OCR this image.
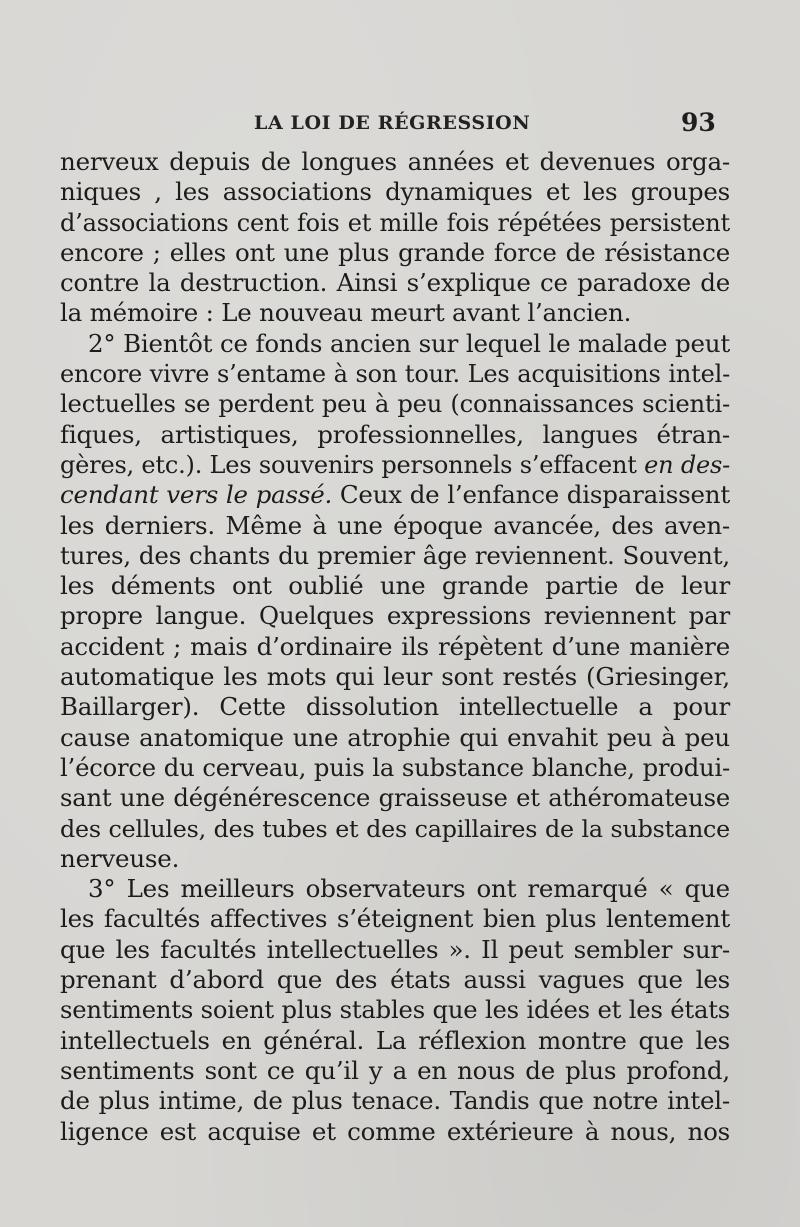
LA LOI DE RÉGRESSION	93
nerveux depuis de longues années et devenues orga-
niques , les associations dynamiques et les groupes
d’associations cent fois et mille fois répétées persistent
encore ; elles ont une plus grande force de résistance
contre la destruction. Ainsi s’explique ce paradoxe de
la mémoire : Le nouveau meurt avant l’ancien.
2° Bientôt ce fonds ancien sur lequel le malade peut
encore vivre s’entame à son tour. Les acquisitions intel-
lectuelles se perdent peu à peu (connaissances scienti-
fiques, artistiques, professionnelles, langues étran-
gères, etc.). Les souvenirs personnels s’effacent en des-
cendant vers le passé. Ceux de l’enfance disparaissent
les derniers. Même à une époque avancée, des aven-
tures, des chants du premier âge reviennent. Souvent,
les déments ont oublié une grande partie de leur
propre langue. Quelques expressions reviennent par
accident ; mais d’ordinaire ils répètent d’une manière
automatique les mots qui leur sont restés (Griesinger,
Baillarger). Cette dissolution intellectuelle a pour
cause anatomique une atrophie qui envahit peu à peu
l’écorce du cerveau, puis la substance blanche, produi-
sant une dégénérescence graisseuse et athéromateuse
des cellules, des tubes et des capillaires de la substance
nerveuse.
3° Les meilleurs observateurs ont remarqué « que
les facultés affectives s’éteignent bien plus lentement
que les facultés intellectuelles ». Il peut sembler sur-
prenant d’abord que des états aussi vagues que les
sentiments soient plus stables que les idées et les états
intellectuels en général. La réflexion montre que les
sentiments sont ce qu’il y a en nous de plus profond,
de plus intime, de plus tenace. Tandis que notre intel-
ligence est acquise et comme extérieure à nous, nos
